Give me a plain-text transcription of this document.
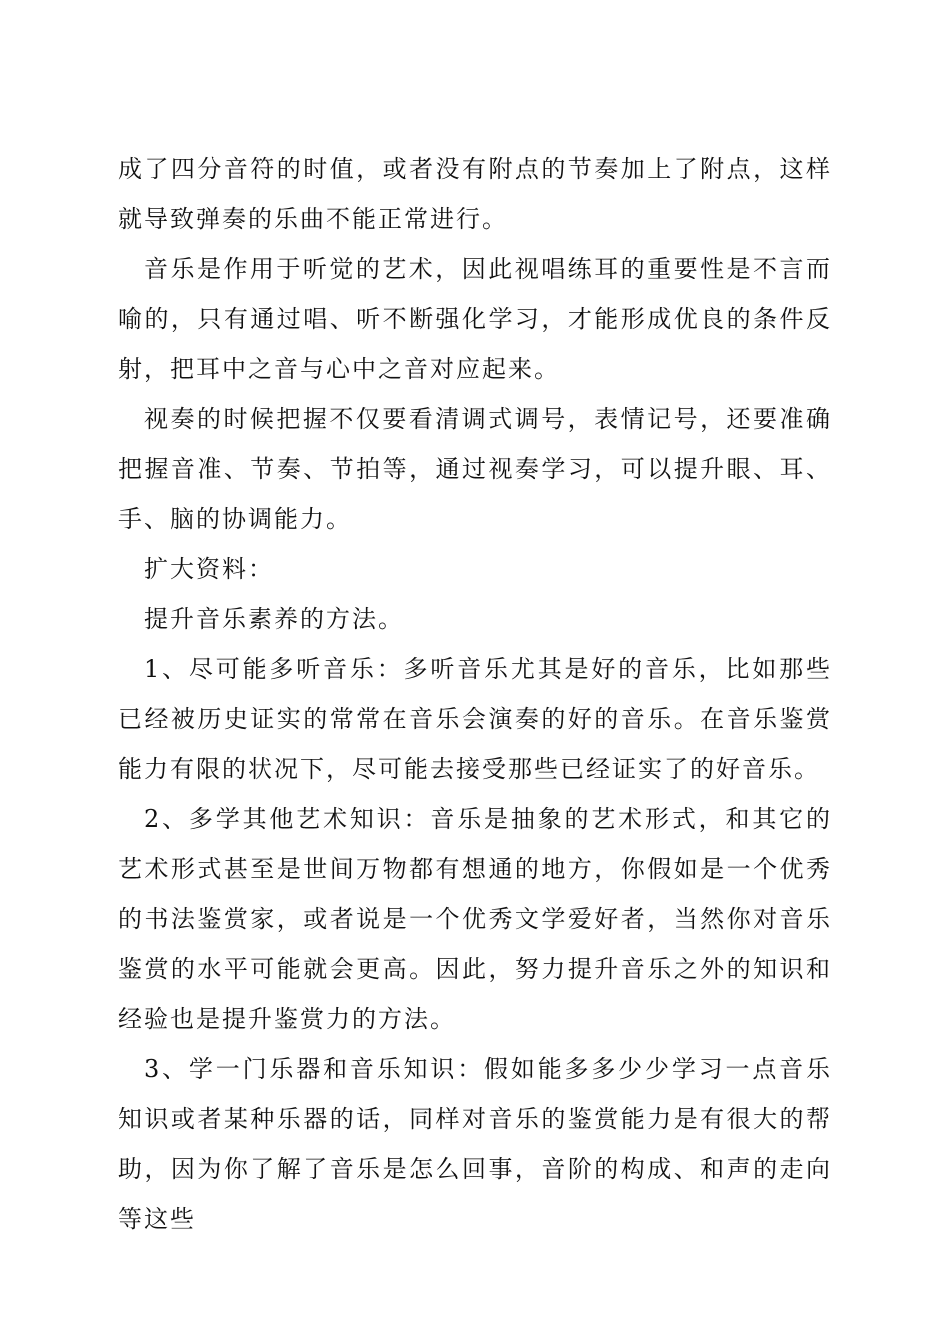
成了四分音符的时值，或者没有附点的节奏加上了附点，这样就导致弹奏的乐曲不能正常进行。

音乐是作用于听觉的艺术，因此视唱练耳的重要性是不言而喻的，只有通过唱、听不断强化学习，才能形成优良的条件反射，把耳中之音与心中之音对应起来。

视奏的时候把握不仅要看清调式调号，表情记号，还要准确把握音准、节奏、节拍等，通过视奏学习，可以提升眼、耳、手、脑的协调能力。

扩大资料：

提升音乐素养的方法。

1、尽可能多听音乐：多听音乐尤其是好的音乐，比如那些已经被历史证实的常常在音乐会演奏的好的音乐。在音乐鉴赏能力有限的状况下，尽可能去接受那些已经证实了的好音乐。

2、多学其他艺术知识：音乐是抽象的艺术形式，和其它的艺术形式甚至是世间万物都有想通的地方，你假如是一个优秀的书法鉴赏家，或者说是一个优秀文学爱好者，当然你对音乐鉴赏的水平可能就会更高。因此，努力提升音乐之外的知识和经验也是提升鉴赏力的方法。

3、学一门乐器和音乐知识：假如能多多少少学习一点音乐知识或者某种乐器的话，同样对音乐的鉴赏能力是有很大的帮助，因为你了解了音乐是怎么回事，音阶的构成、和声的走向等这些
